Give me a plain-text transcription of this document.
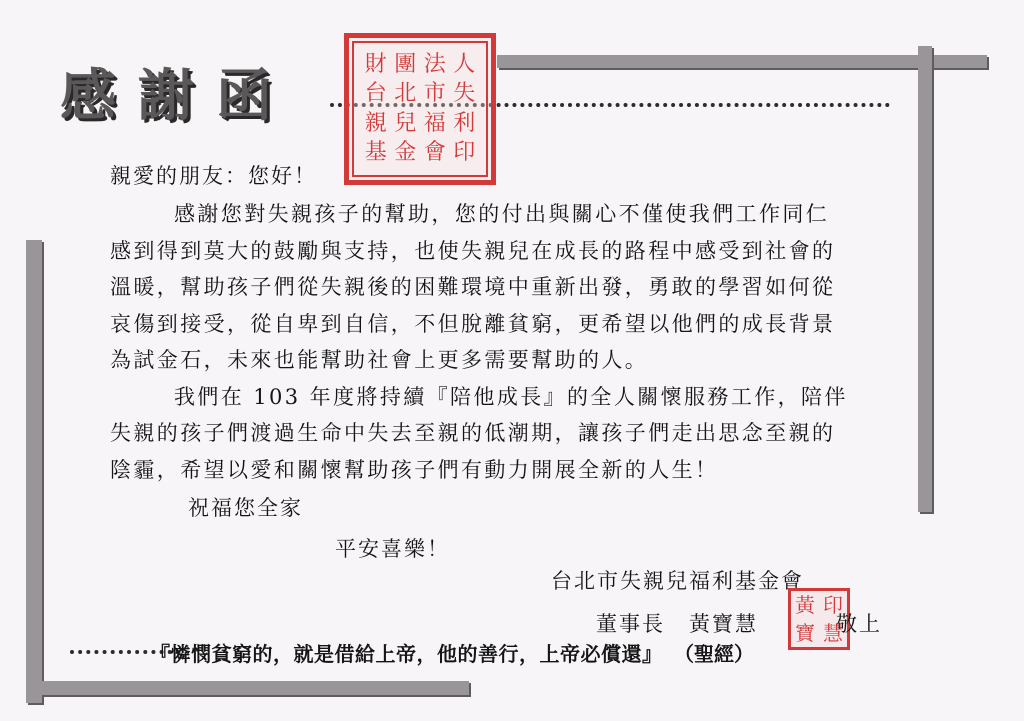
感謝函	財 團 法 人
台 北 市 失
親 兒 福 利
基 金 會 印
親愛的朋友：您好！
感謝您對失親孩子的幫助，您的付出與關心不僅使我們工作同仁
感到得到莫大的鼓勵與支持，也使失親兒在成長的路程中感受到社會的
溫暖，幫助孩子們從失親後的困難環境中重新出發，勇敢的學習如何從
哀傷到接受，從自卑到自信，不但脫離貧窮，更希望以他們的成長背景
為試金石，未來也能幫助社會上更多需要幫助的人。
我們在 103 年度將持續『陪他成長』的全人關懷服務工作，陪伴
失親的孩子們渡過生命中失去至親的低潮期，讓孩子們走出思念至親的
陰霾，希望以愛和關懷幫助孩子們有動力開展全新的人生！
祝福您全家
平安喜樂！
台北市失親兒福利基金會
董事長 黃寶慧
黃 印
寶 慧
敬上
『憐憫貧窮的，就是借給上帝，他的善行，上帝必償還』 （聖經）
